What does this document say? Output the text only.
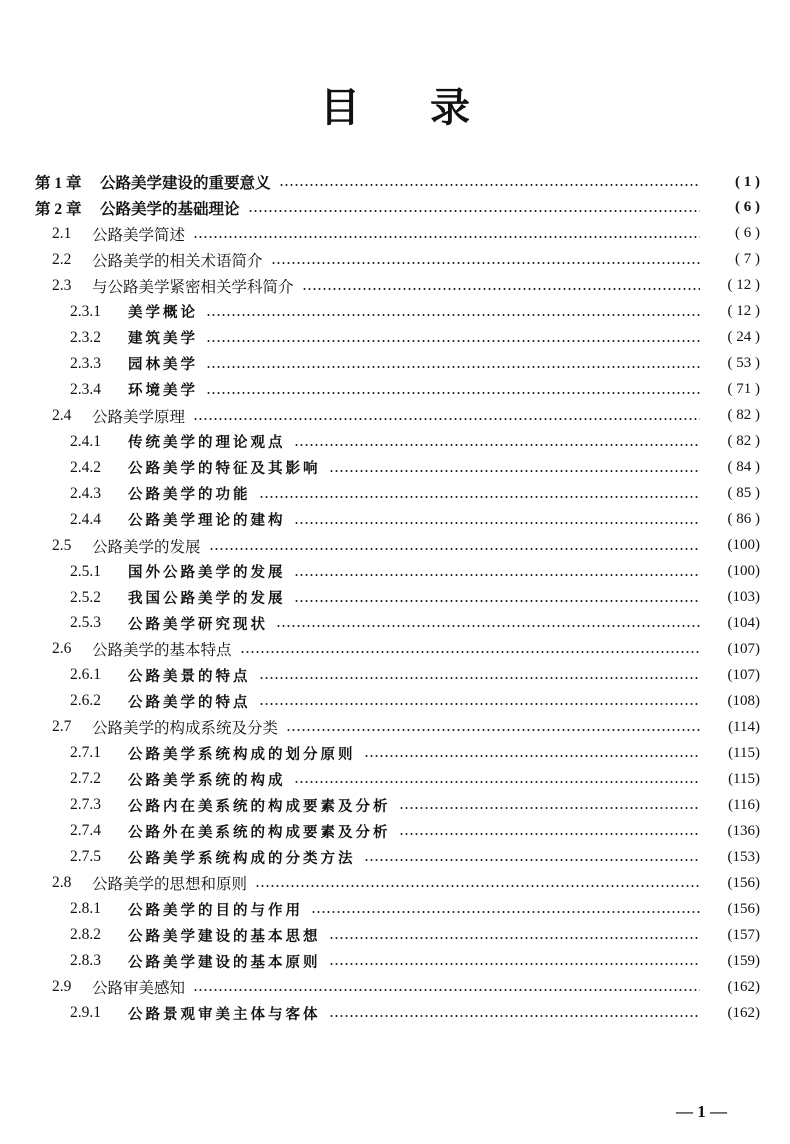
目 录
第 1 章	公路美学建设的重要意义	( 1 )
第 2 章	公路美学的基础理论	( 6 )
2.1	公路美学简述	( 6 )
2.2	公路美学的相关术语简介	( 7 )
2.3	与公路美学紧密相关学科简介	( 12 )
2.3.1	美学概论	( 12 )
2.3.2	建筑美学	( 24 )
2.3.3	园林美学	( 53 )
2.3.4	环境美学	( 71 )
2.4	公路美学原理	( 82 )
2.4.1	传统美学的理论观点	( 82 )
2.4.2	公路美学的特征及其影响	( 84 )
2.4.3	公路美学的功能	( 85 )
2.4.4	公路美学理论的建构	( 86 )
2.5	公路美学的发展	(100)
2.5.1	国外公路美学的发展	(100)
2.5.2	我国公路美学的发展	(103)
2.5.3	公路美学研究现状	(104)
2.6	公路美学的基本特点	(107)
2.6.1	公路美景的特点	(107)
2.6.2	公路美学的特点	(108)
2.7	公路美学的构成系统及分类	(114)
2.7.1	公路美学系统构成的划分原则	(115)
2.7.2	公路美学系统的构成	(115)
2.7.3	公路内在美系统的构成要素及分析	(116)
2.7.4	公路外在美系统的构成要素及分析	(136)
2.7.5	公路美学系统构成的分类方法	(153)
2.8	公路美学的思想和原则	(156)
2.8.1	公路美学的目的与作用	(156)
2.8.2	公路美学建设的基本思想	(157)
2.8.3	公路美学建设的基本原则	(159)
2.9	公路审美感知	(162)
2.9.1	公路景观审美主体与客体	(162)
— 1 —
